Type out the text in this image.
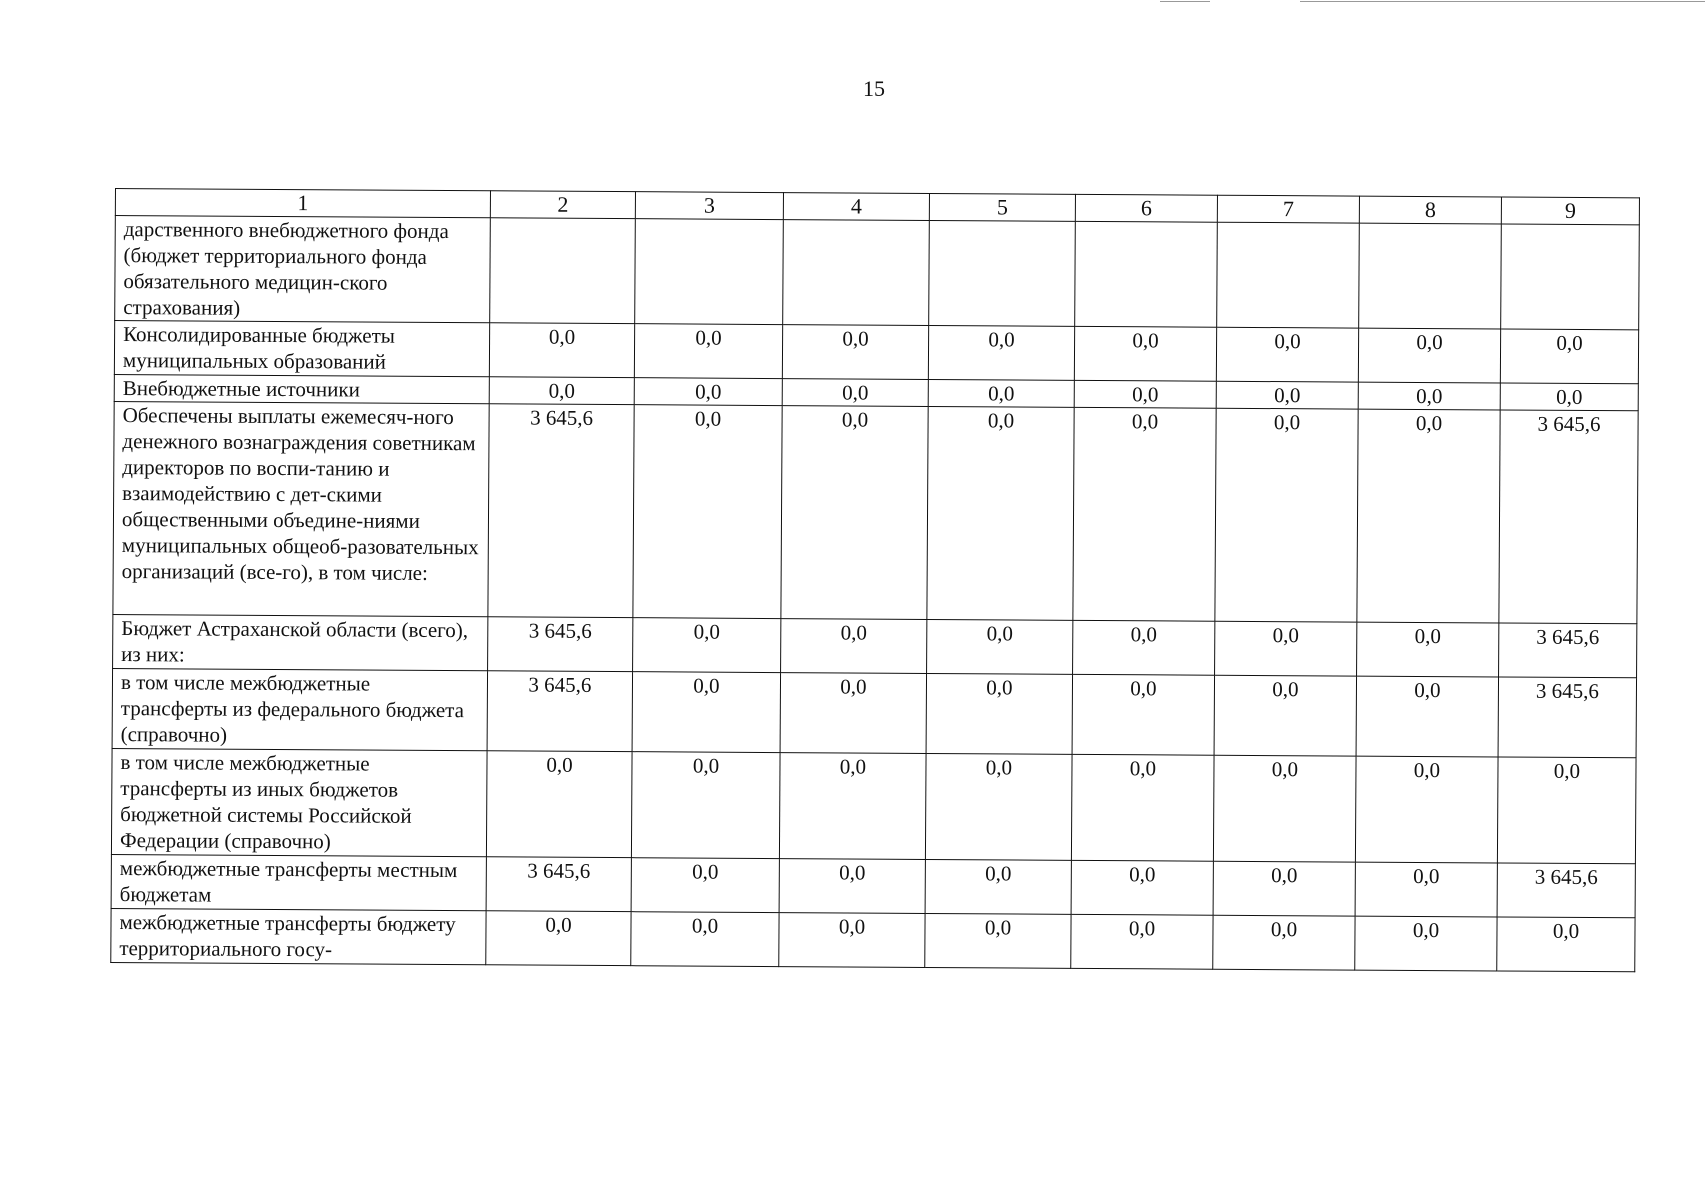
15
1	2	3	4	5	6	7	8	9
дарственного внебюджетного фонда (бюджет территориального фонда обязательного медицин-ского страхования)								
Консолидированные бюджеты муниципальных образований	0,0	0,0	0,0	0,0	0,0	0,0	0,0	0,0
Внебюджетные источники	0,0	0,0	0,0	0,0	0,0	0,0	0,0	0,0
Обеспечены выплаты ежемесяч-ного денежного вознаграждения советникам директоров по воспи-танию и взаимодействию с дет-скими общественными объедине-ниями муниципальных общеоб-разовательных организаций (все-го), в том числе:	3 645,6	0,0	0,0	0,0	0,0	0,0	0,0	3 645,6
Бюджет Астраханской области (всего), из них:	3 645,6	0,0	0,0	0,0	0,0	0,0	0,0	3 645,6
в том числе межбюджетные трансферты из федерального бюджета (справочно)	3 645,6	0,0	0,0	0,0	0,0	0,0	0,0	3 645,6
в том числе межбюджетные трансферты из иных бюджетов бюджетной системы Российской Федерации (справочно)	0,0	0,0	0,0	0,0	0,0	0,0	0,0	0,0
межбюджетные трансферты местным бюджетам	3 645,6	0,0	0,0	0,0	0,0	0,0	0,0	3 645,6
межбюджетные трансферты бюджету территориального госу-	0,0	0,0	0,0	0,0	0,0	0,0	0,0	0,0
